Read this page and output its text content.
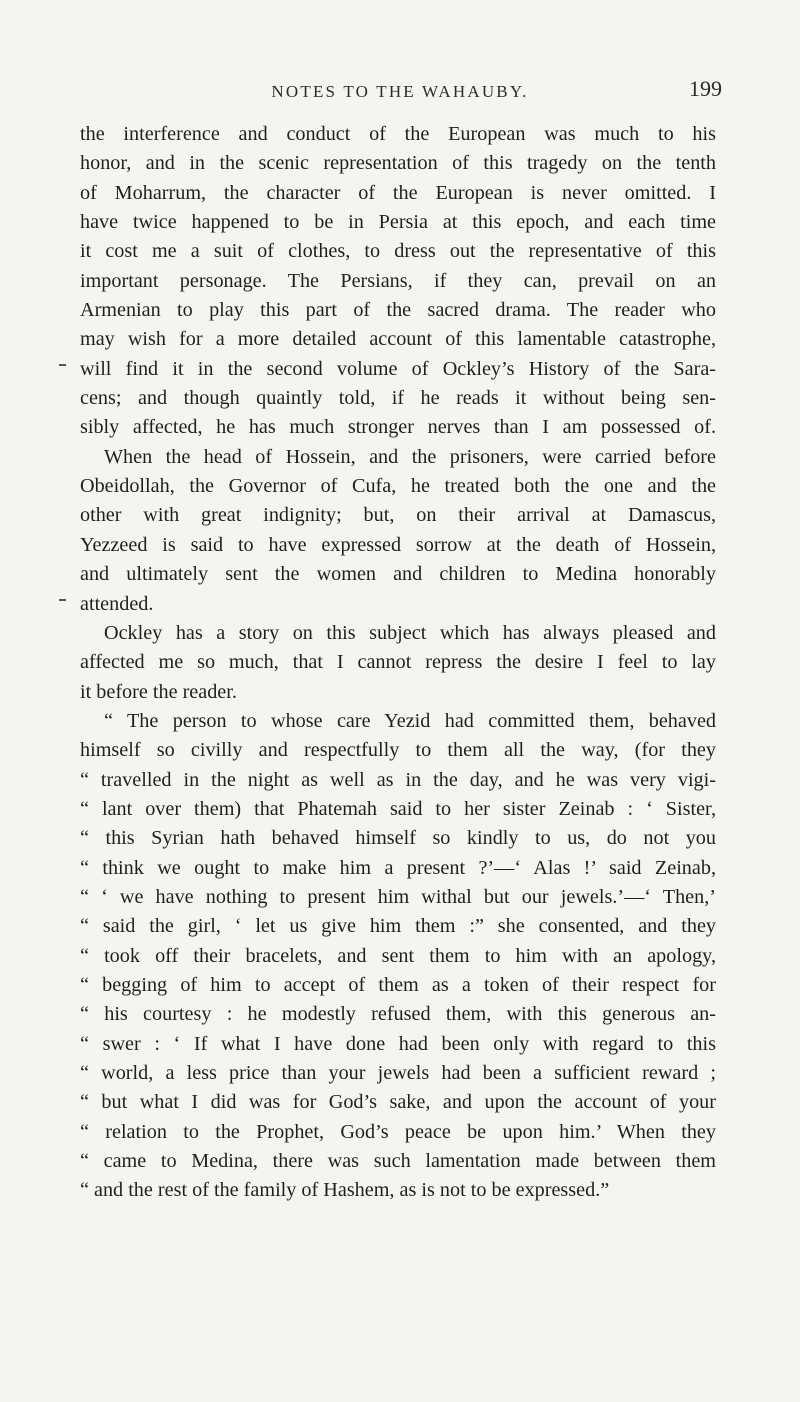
NOTES TO THE WAHAUBY.	199
the interference and conduct of the European was much to his
honor, and in the scenic representation of this tragedy on the tenth
of Moharrum, the character of the European is never omitted. I
have twice happened to be in Persia at this epoch, and each time
it cost me a suit of clothes, to dress out the representative of this
important personage. The Persians, if they can, prevail on an
Armenian to play this part of the sacred drama. The reader who
may wish for a more detailed account of this lamentable catastrophe,
will find it in the second volume of Ockley’s History of the Sara-
cens; and though quaintly told, if he reads it without being sen-
sibly affected, he has much stronger nerves than I am possessed of.
When the head of Hossein, and the prisoners, were carried before
Obeidollah, the Governor of Cufa, he treated both the one and the
other with great indignity; but, on their arrival at Damascus,
Yezzeed is said to have expressed sorrow at the death of Hossein,
and ultimately sent the women and children to Medina honorably
attended.
Ockley has a story on this subject which has always pleased and
affected me so much, that I cannot repress the desire I feel to lay
it before the reader.
“ The person to whose care Yezid had committed them, behaved
himself so civilly and respectfully to them all the way, (for they
“ travelled in the night as well as in the day, and he was very vigi-
“ lant over them) that Phatemah said to her sister Zeinab : ‘ Sister,
“ this Syrian hath behaved himself so kindly to us, do not you
“ think we ought to make him a present ?’—‘ Alas !’ said Zeinab,
“ ‘ we have nothing to present him withal but our jewels.’—‘ Then,’
“ said the girl, ‘ let us give him them :” she consented, and they
“ took off their bracelets, and sent them to him with an apology,
“ begging of him to accept of them as a token of their respect for
“ his courtesy : he modestly refused them, with this generous an-
“ swer : ‘ If what I have done had been only with regard to this
“ world, a less price than your jewels had been a sufficient reward ;
“ but what I did was for God’s sake, and upon the account of your
“ relation to the Prophet, God’s peace be upon him.’ When they
“ came to Medina, there was such lamentation made between them
“ and the rest of the family of Hashem, as is not to be expressed.”
